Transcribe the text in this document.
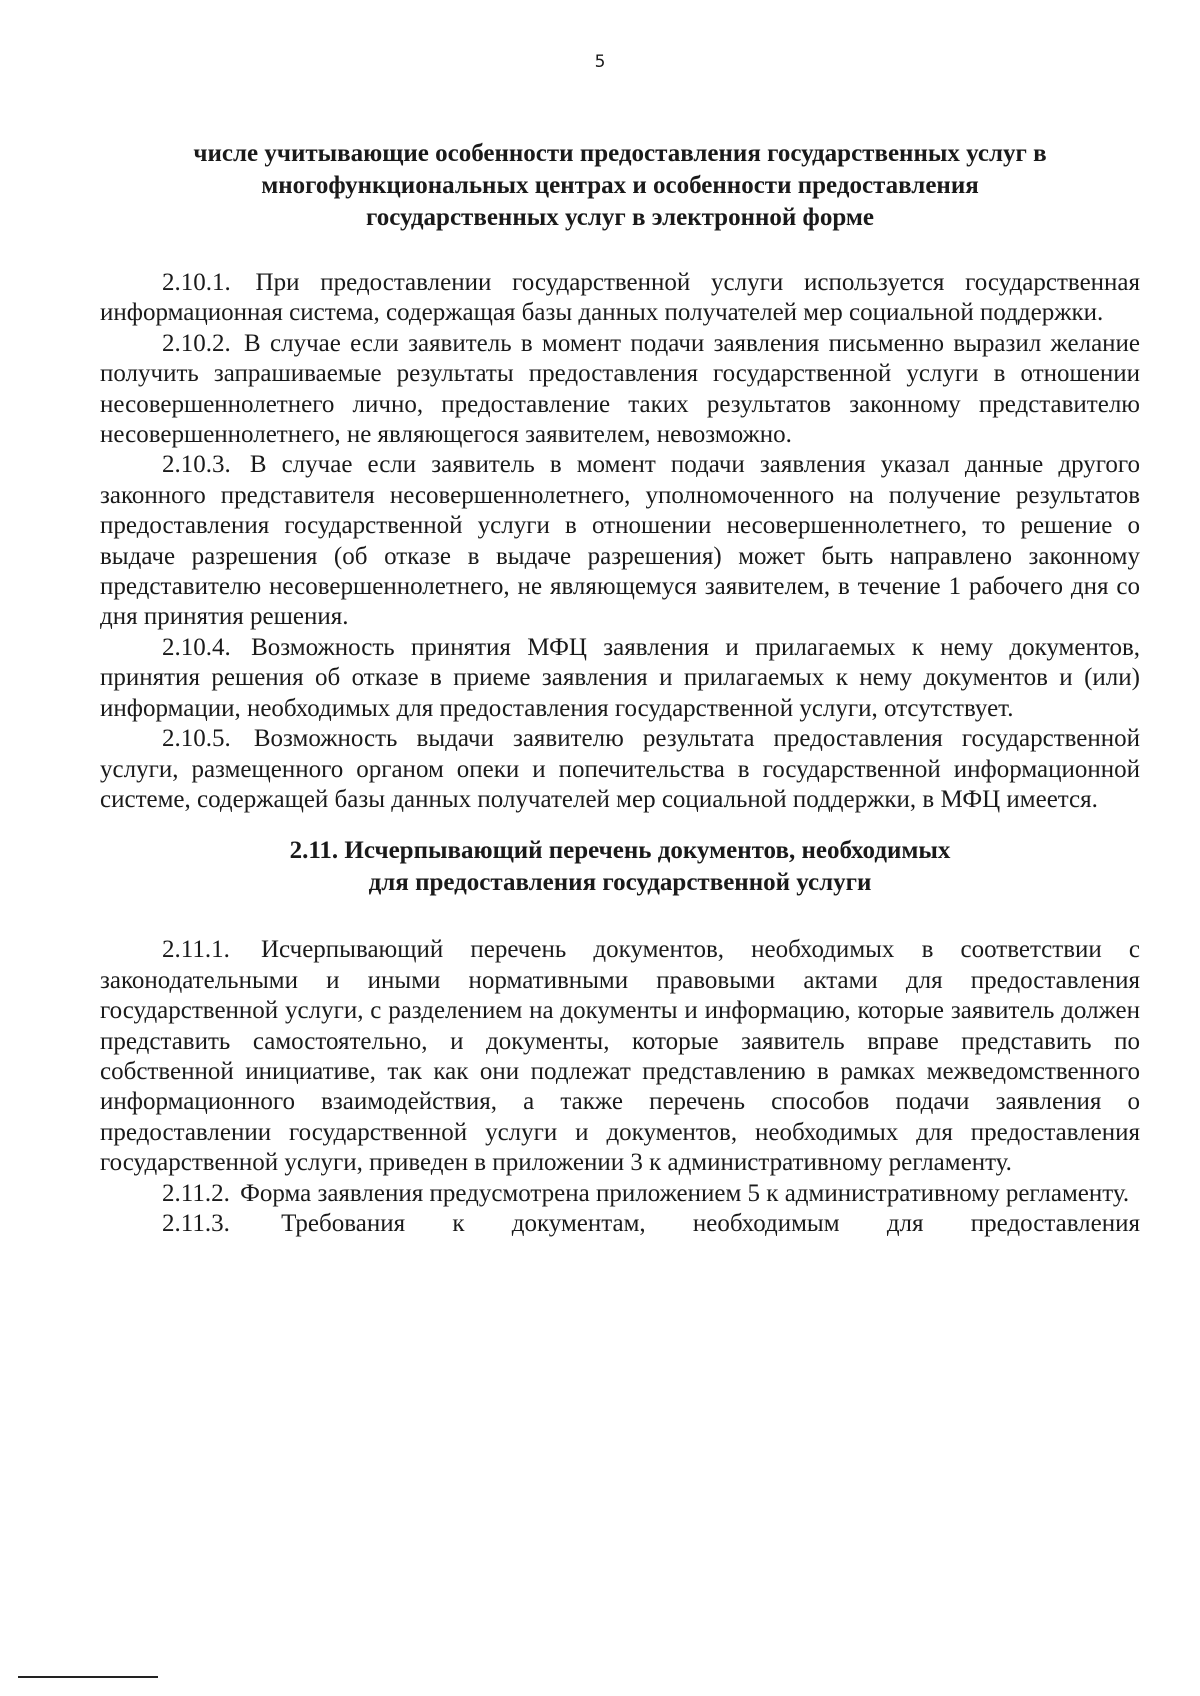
5
числе учитывающие особенности предоставления государственных услуг в
многофункциональных центрах и особенности предоставления
государственных услуг в электронной форме

2.10.1. При предоставлении государственной услуги используется государственная информационная система, содержащая базы данных получателей мер социальной поддержки.

2.10.2. В случае если заявитель в момент подачи заявления письменно выразил желание получить запрашиваемые результаты предоставления государственной услуги в отношении несовершеннолетнего лично, предоставление таких результатов законному представителю несовершеннолетнего, не являющегося заявителем, невозможно.

2.10.3. В случае если заявитель в момент подачи заявления указал данные другого законного представителя несовершеннолетнего, уполномоченного на получение результатов предоставления государственной услуги в отношении несовершеннолетнего, то решение о выдаче разрешения (об отказе в выдаче разрешения) может быть направлено законному представителю несовершеннолетнего, не являющемуся заявителем, в течение 1 рабочего дня со дня принятия решения.

2.10.4. Возможность принятия МФЦ заявления и прилагаемых к нему документов, принятия решения об отказе в приеме заявления и прилагаемых к нему документов и (или) информации, необходимых для предоставления государственной услуги, отсутствует.

2.10.5. Возможность выдачи заявителю результата предоставления государственной услуги, размещенного органом опеки и попечительства в государственной информационной системе, содержащей базы данных получателей мер социальной поддержки, в МФЦ имеется.

2.11. Исчерпывающий перечень документов, необходимых
для предоставления государственной услуги

2.11.1. Исчерпывающий перечень документов, необходимых в соответствии с законодательными и иными нормативными правовыми актами для предоставления государственной услуги, с разделением на документы и информацию, которые заявитель должен представить самостоятельно, и документы, которые заявитель вправе представить по собственной инициативе, так как они подлежат представлению в рамках межведомственного информационного взаимодействия, а также перечень способов подачи заявления о предоставлении государственной услуги и документов, необходимых для предоставления государственной услуги, приведен в приложении 3 к административному регламенту.

2.11.2. Форма заявления предусмотрена приложением 5 к административному регламенту.

2.11.3. Требования к документам, необходимым для предоставления
